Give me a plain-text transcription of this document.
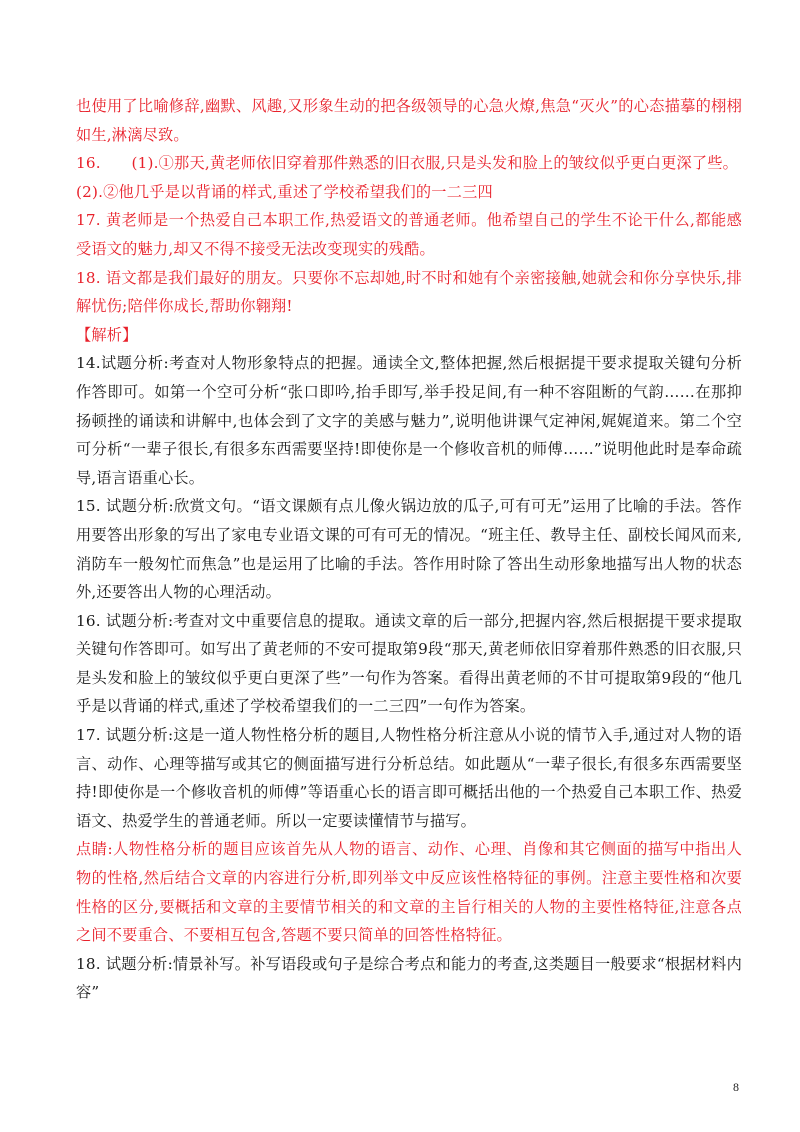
也使用了比喻修辞,幽默、风趣,又形象生动的把各级领导的心急火燎,焦急“灭火”的心态描摹的栩栩如生,淋漓尽致。

16.　　(1).①那天,黄老师依旧穿着那件熟悉的旧衣服,只是头发和脸上的皱纹似乎更白更深了些。

(2).②他几乎是以背诵的样式,重述了学校希望我们的一二三四

17. 黄老师是一个热爱自己本职工作,热爱语文的普通老师。他希望自己的学生不论干什么,都能感受语文的魅力,却又不得不接受无法改变现实的残酷。

18. 语文都是我们最好的朋友。只要你不忘却她,时不时和她有个亲密接触,她就会和你分享快乐,排解忧伤;陪伴你成长,帮助你翱翔!

【解析】

14.试题分析:考查对人物形象特点的把握。通读全文,整体把握,然后根据提干要求提取关键句分析作答即可。如第一个空可分析“张口即吟,抬手即写,举手投足间,有一种不容阻断的气韵……在那抑扬顿挫的诵读和讲解中,也体会到了文字的美感与魅力”,说明他讲课气定神闲,娓娓道来。第二个空可分析“一辈子很长,有很多东西需要坚持!即使你是一个修收音机的师傅……”说明他此时是奉命疏导,语言语重心长。

15. 试题分析:欣赏文句。“语文课颇有点儿像火锅边放的瓜子,可有可无”运用了比喻的手法。答作用要答出形象的写出了家电专业语文课的可有可无的情况。“班主任、教导主任、副校长闻风而来,消防车一般匆忙而焦急”也是运用了比喻的手法。答作用时除了答出生动形象地描写出人物的状态外,还要答出人物的心理活动。

16. 试题分析:考查对文中重要信息的提取。通读文章的后一部分,把握内容,然后根据提干要求提取关键句作答即可。如写出了黄老师的不安可提取第9段“那天,黄老师依旧穿着那件熟悉的旧衣服,只是头发和脸上的皱纹似乎更白更深了些”一句作为答案。看得出黄老师的不甘可提取第9段的“他几乎是以背诵的样式,重述了学校希望我们的一二三四”一句作为答案。

17. 试题分析:这是一道人物性格分析的题目,人物性格分析注意从小说的情节入手,通过对人物的语言、动作、心理等描写或其它的侧面描写进行分析总结。如此题从“一辈子很长,有很多东西需要坚持!即使你是一个修收音机的师傅”等语重心长的语言即可概括出他的一个热爱自己本职工作、热爱语文、热爱学生的普通老师。所以一定要读懂情节与描写。

点睛:人物性格分析的题目应该首先从人物的语言、动作、心理、肖像和其它侧面的描写中指出人物的性格,然后结合文章的内容进行分析,即列举文中反应该性格特征的事例。注意主要性格和次要性格的区分,要概括和文章的主要情节相关的和文章的主旨行相关的人物的主要性格特征,注意各点之间不要重合、不要相互包含,答题不要只简单的回答性格特征。

18. 试题分析:情景补写。补写语段或句子是综合考点和能力的考查,这类题目一般要求“根据材料内容”

8
